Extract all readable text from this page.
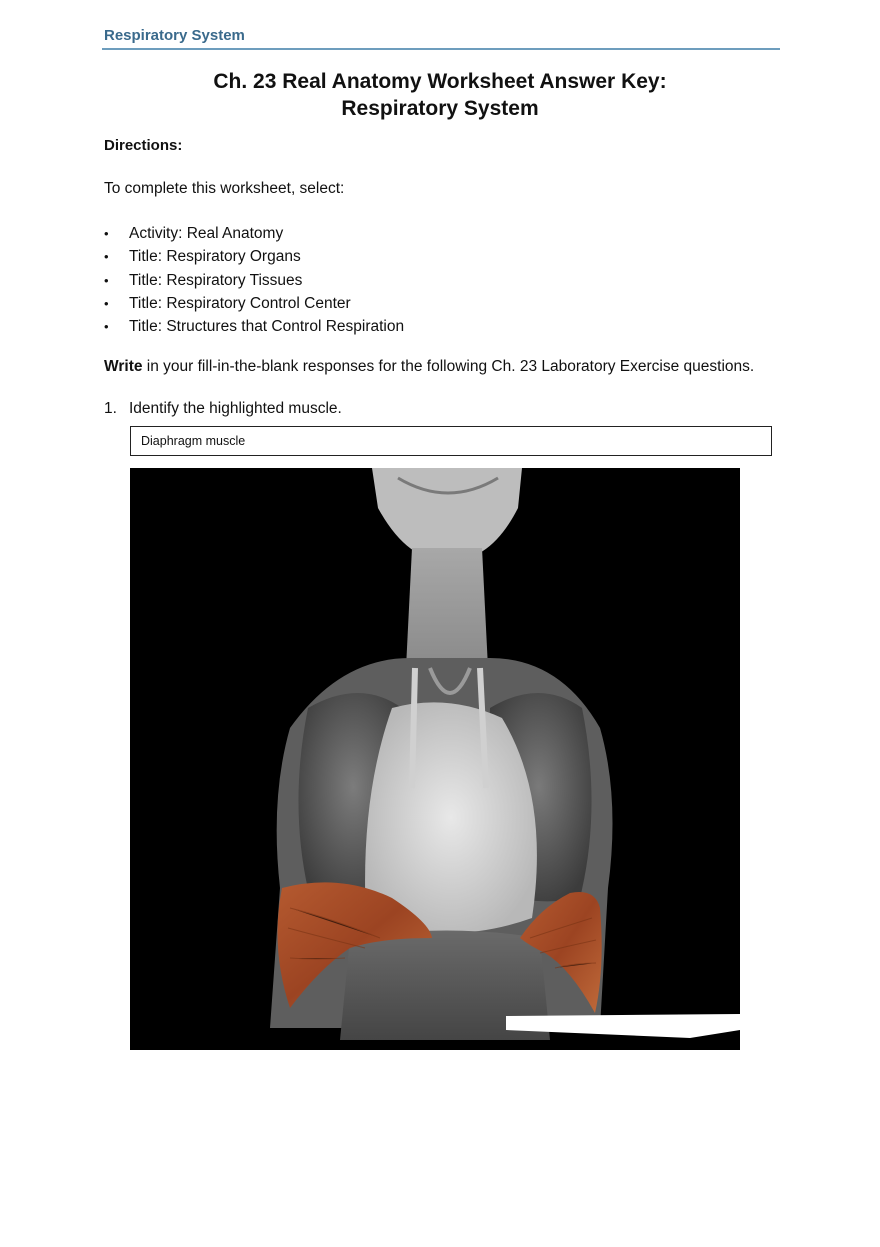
Respiratory System
Ch. 23 Real Anatomy Worksheet Answer Key:
Respiratory System
Directions:
To complete this worksheet, select:
• Activity: Real Anatomy
• Title: Respiratory Organs
• Title: Respiratory Tissues
• Title: Respiratory Control Center
• Title: Structures that Control Respiration
Write in your fill-in-the-blank responses for the following Ch. 23 Laboratory Exercise questions.
1. Identify the highlighted muscle.
Diaphragm muscle
